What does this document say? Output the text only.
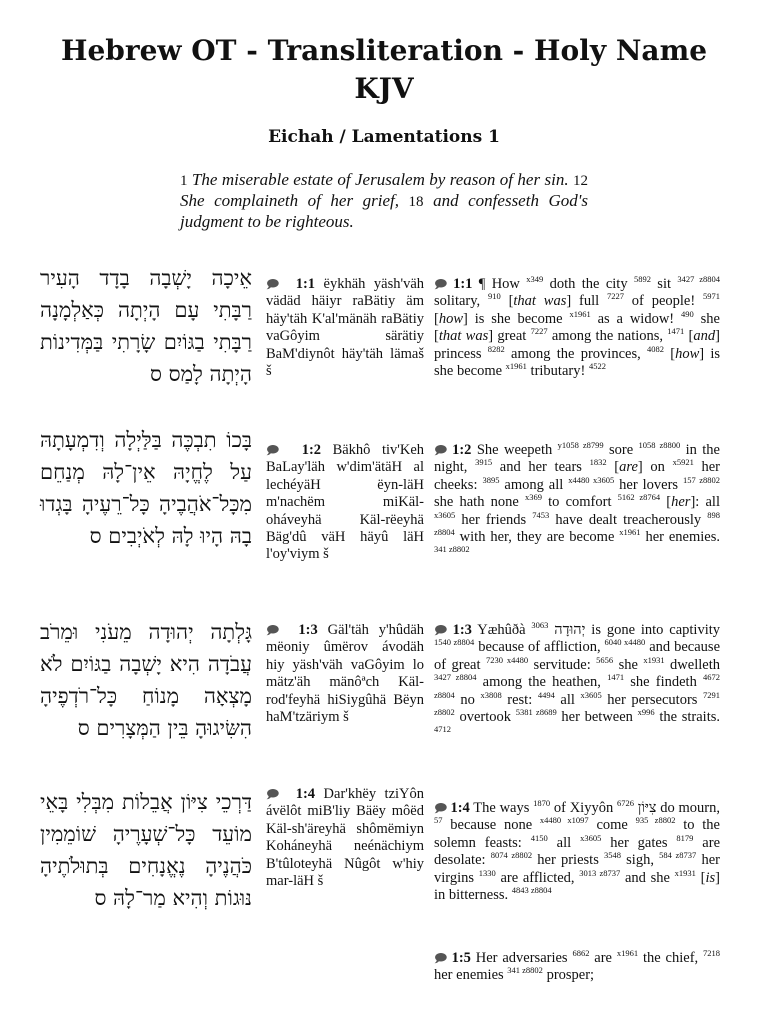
Hebrew OT - Transliteration - Holy Name KJV
Eichah / Lamentations 1

1 The miserable estate of Jerusalem by reason of her sin. 12 She complaineth of her grief, 18 and confesseth God's judgment to be righteous.

אֵיכָה יָשְׁבָה בָדָד הָעִיר רַבָּתִי עָם הָיְתָה כְּאַלְמָנָה רַבָּתִי בַגּוֹיִם שָׂרָתִי בַּמְּדִינוֹת הָיְתָה לָמַס ס
🗩 1:1 ëykhäh yäsh'väh vädäd häiyr raBätiy äm häy'täh K'al'mänäh raBätiy vaGôyim särätiy BaM'diynôt häy'täh lämaš š
🗩 1:1 ¶ How $^{x349}$ doth the city $^{5892}$ sit $^{3427 z8804}$ solitary, $^{910}$ [that was] full $^{7227}$ of people! $^{5971}$ [how] is she become $^{x1961}$ as a widow! $^{490}$ she [that was] great $^{7227}$ among the nations, $^{1471}$ [and] princess $^{8282}$ among the provinces, $^{4082}$ [how] is she become $^{x1961}$ tributary! $^{4522}$
בָּכוֹ תִבְכֶּה בַּלַּיְלָה וְדִמְעָתָהּ עַל לֶחֱיָהּ אֵין־לָהּ מְנַחֵם מִכָּל־אֹהֲבֶיהָ כָּל־רֵעֶיהָ בָּגְדוּ בָהּ הָיוּ לָהּ לְאֹיְבִים ס
🗩 1:2 Bäkhô tiv'Keh BaLay'läh w'dim'ätäH al lechéyäH ëyn-läH m'nachëm miKäl-oháveyhä Käl-rëeyhä Bäg'dû väH häyû läH l'oy'viym š
🗩 1:2 She weepeth $^{y1058 z8799}$ sore $^{1058 z8800}$ in the night, $^{3915}$ and her tears $^{1832}$ [are] on $^{x5921}$ her cheeks: $^{3895}$ among all $^{x4480 x3605}$ her lovers $^{157 z8802}$ she hath none $^{x369}$ to comfort $^{5162 z8764}$ [her]: all $^{x3605}$ her friends $^{7453}$ have dealt treacherously $^{898 z8804}$ with her, they are become $^{x1961}$ her enemies. $^{341 z8802}$
גָּלְתָה יְהוּדָה מֵעֹנִי וּמֵרֹב עֲבֹדָה הִיא יָשְׁבָה בַגּוֹיִם לֹא מָצְאָה מָנוֹחַ כָּל־רֹדְפֶיהָ הִשִּׂיגוּהָ בֵּין הַמְּצָרִים ס
🗩 1:3 Gäl'täh y'hûdäh mëoniy ûmërov ávodäh hiy yäsh'väh vaGôyim lo mätz'äh mänôªch Käl-rod'feyhä hiSiygûhä Bëyn haM'tzäriym š
🗩 1:3 Yæhûðà $^{3063}$ יְהוּדָה is gone into captivity $^{1540 z8804}$ because of affliction, $^{6040 x4480}$ and because of great $^{7230 x4480}$ servitude: $^{5656}$ she $^{x1931}$ dwelleth $^{3427 z8804}$ among the heathen, $^{1471}$ she findeth $^{4672 z8804}$ no $^{x3808}$ rest: $^{4494}$ all $^{x3605}$ her persecutors $^{7291 z8802}$ overtook $^{5381 z8689}$ her between $^{x996}$ the straits. $^{4712}$
דַּרְכֵי צִיּוֹן אֲבֵלוֹת מִבְּלִי בָּאֵי מוֹעֵד כָּל־שְׁעָרֶיהָ שׁוֹמֵמִין כֹּהֲנֶיהָ נֶאֱנָחִים בְּתוּלֹתֶיהָ נּוּגוֹת וְהִיא מַר־לָהּ ס
🗩 1:4 Dar'khëy tziYôn ávëlôt miB'liy Bäëy môëd Käl-sh'äreyhä shômëmiyn Koháneyhä neénächiym B'tûloteyhä Nûgôt w'hiy mar-läH š
🗩 1:4 The ways $^{1870}$ of Xiyyôn $^{6726}$ צִיּוֹן do mourn, $^{57}$ because none $^{x4480 x1097}$ come $^{935 z8802}$ to the solemn feasts: $^{4150}$ all $^{x3605}$ her gates $^{8179}$ are desolate: $^{8074 z8802}$ her priests $^{3548}$ sigh, $^{584 z8737}$ her virgins $^{1330}$ are afflicted, $^{3013 z8737}$ and she $^{x1931}$ [is] in bitterness. $^{4843 z8804}$
🗩 1:5 Her adversaries $^{6862}$ are $^{x1961}$ the chief, $^{7218}$ her enemies $^{341 z8802}$ prosper;
